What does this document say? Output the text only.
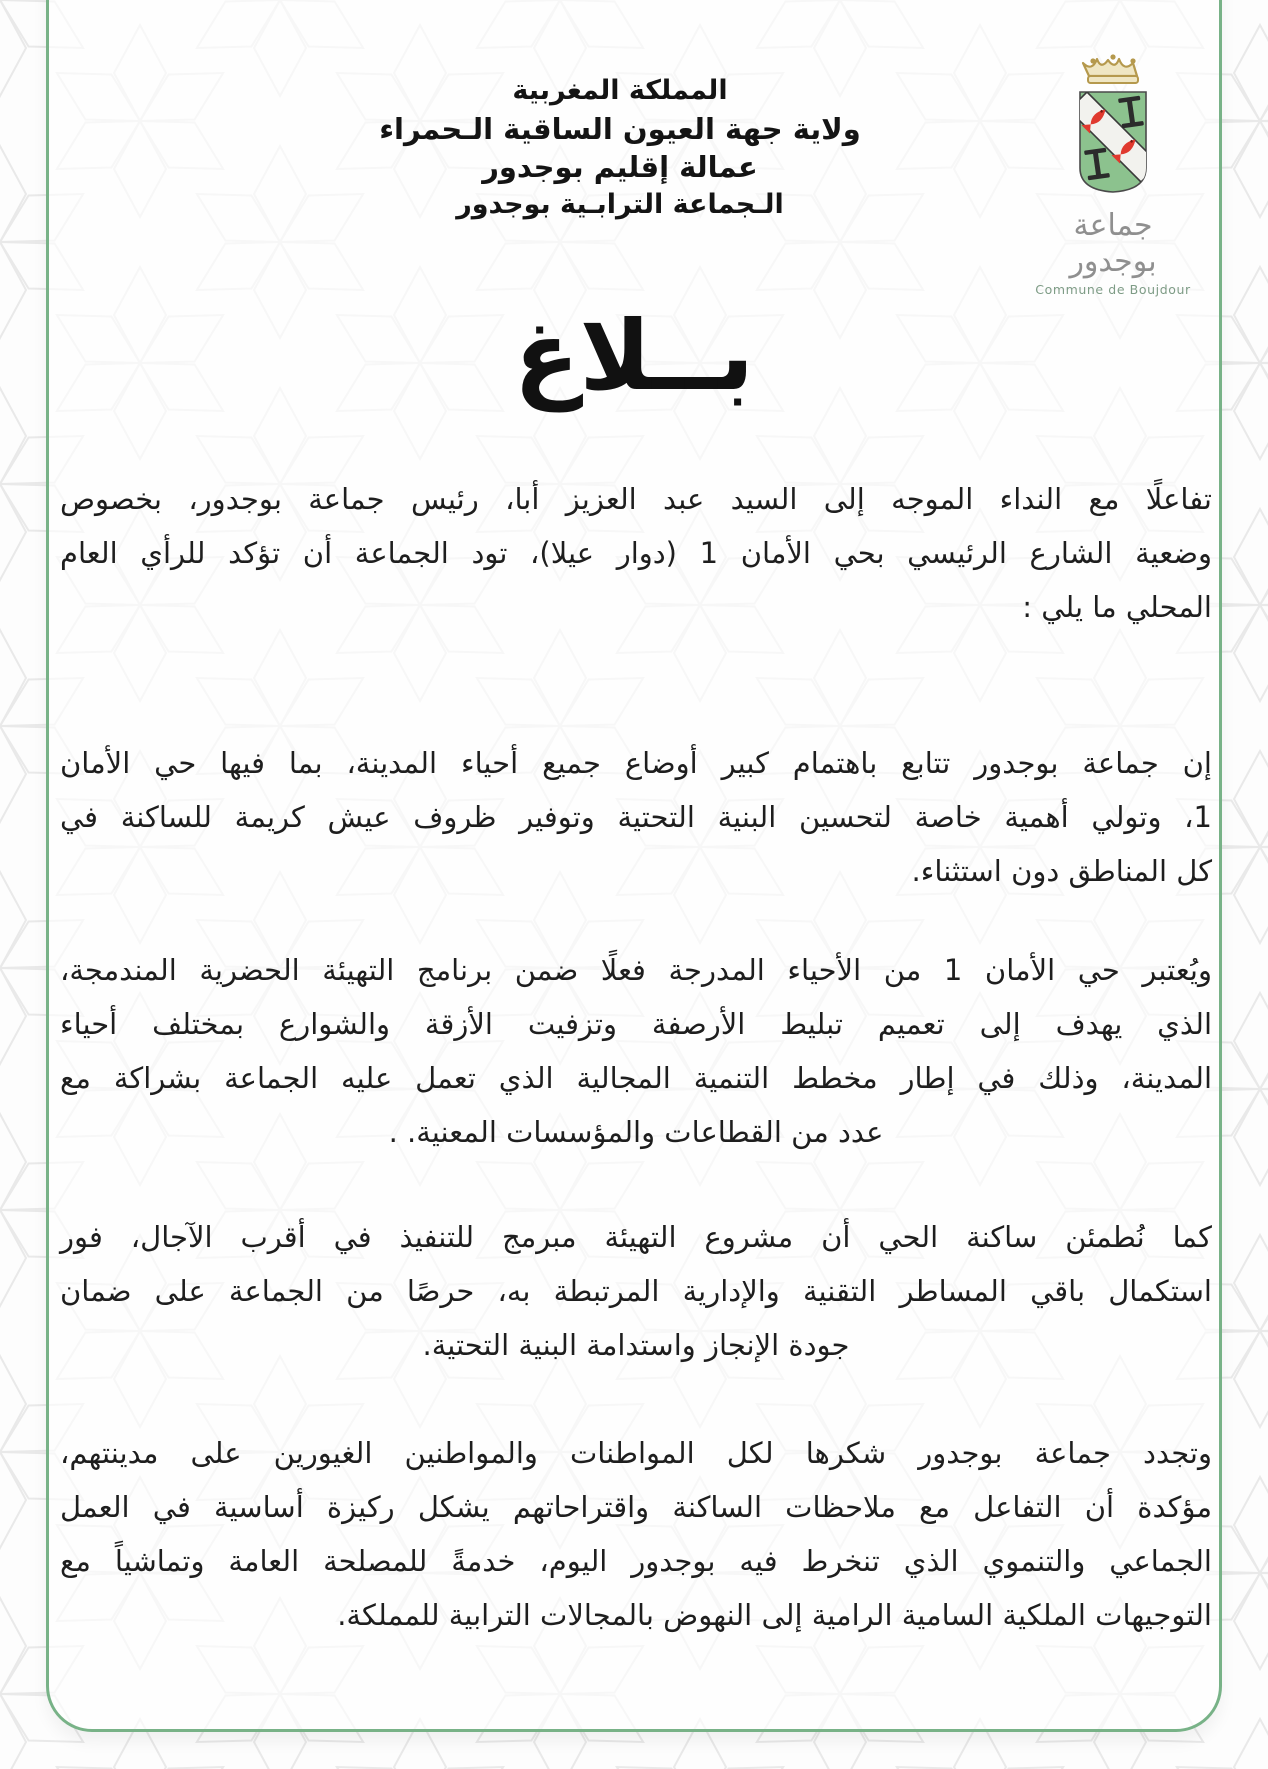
المملكة المغربية
ولاية جهة العيون الساقية الـحمراء
عمالة إقليم بوجدور
الـجماعة الترابـية بوجدور
جماعة بوجدور
Commune de Boujdour
بــلاغ
تفاعلًا مع النداء الموجه إلى السيد عبد العزيز أبا، رئيس جماعة بوجدور، بخصوص
وضعية الشارع الرئيسي بحي الأمان 1 (دوار عيلا)، تود الجماعة أن تؤكد للرأي العام
المحلي ما يلي :
إن جماعة بوجدور تتابع باهتمام كبير أوضاع جميع أحياء المدينة، بما فيها حي الأمان
1، وتولي أهمية خاصة لتحسين البنية التحتية وتوفير ظروف عيش كريمة للساكنة في
كل المناطق دون استثناء.
ويُعتبر حي الأمان 1 من الأحياء المدرجة فعلًا ضمن برنامج التهيئة الحضرية المندمجة،
الذي يهدف إلى تعميم تبليط الأرصفة وتزفيت الأزقة والشوارع بمختلف أحياء
المدينة، وذلك في إطار مخطط التنمية المجالية الذي تعمل عليه الجماعة بشراكة مع
عدد من القطاعات والمؤسسات المعنية. .
كما نُطمئن ساكنة الحي أن مشروع التهيئة مبرمج للتنفيذ في أقرب الآجال، فور
استكمال باقي المساطر التقنية والإدارية المرتبطة به، حرصًا من الجماعة على ضمان
جودة الإنجاز واستدامة البنية التحتية.
وتجدد جماعة بوجدور شكرها لكل المواطنات والمواطنين الغيورين على مدينتهم،
مؤكدة أن التفاعل مع ملاحظات الساكنة واقتراحاتهم يشكل ركيزة أساسية في العمل
الجماعي والتنموي الذي تنخرط فيه بوجدور اليوم، خدمةً للمصلحة العامة وتماشياً مع
التوجيهات الملكية السامية الرامية إلى النهوض بالمجالات الترابية للمملكة.
